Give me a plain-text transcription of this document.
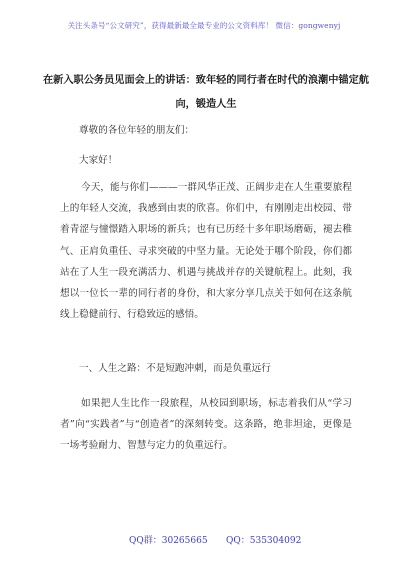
关注头条号“公文研究”，获得最新最全最专业的公文资料库！ 微信：gongwenyj
在新入职公务员见面会上的讲话：致年轻的同行者在时代的浪潮中锚定航向，锻造人生

尊敬的各位年轻的朋友们：

大家好！

今天，能与你们———一群风华正茂、正阔步走在人生重要旅程上的年轻人交流，我感到由衷的欣喜。你们中，有刚刚走出校园、带着青涩与憧憬踏入职场的新兵；也有已历经十多年职场磨砺，褪去稚气、正肩负重任、寻求突破的中坚力量。无论处于哪个阶段，你们都站在了人生一段充满活力、机遇与挑战并存的关键航程上。此刻，我想以一位长一辈的同行者的身份，和大家分享几点关于如何在这条航线上稳健前行、行稳致远的感悟。

一、人生之路：不是短跑冲刺，而是负重远行

如果把人生比作一段旅程，从校园到职场，标志着我们从“学习者”向“实践者”与“创造者”的深刻转变。这条路，绝非坦途，更像是一场考验耐力、智慧与定力的负重远行。

QQ群：30265665 QQ：535304092
